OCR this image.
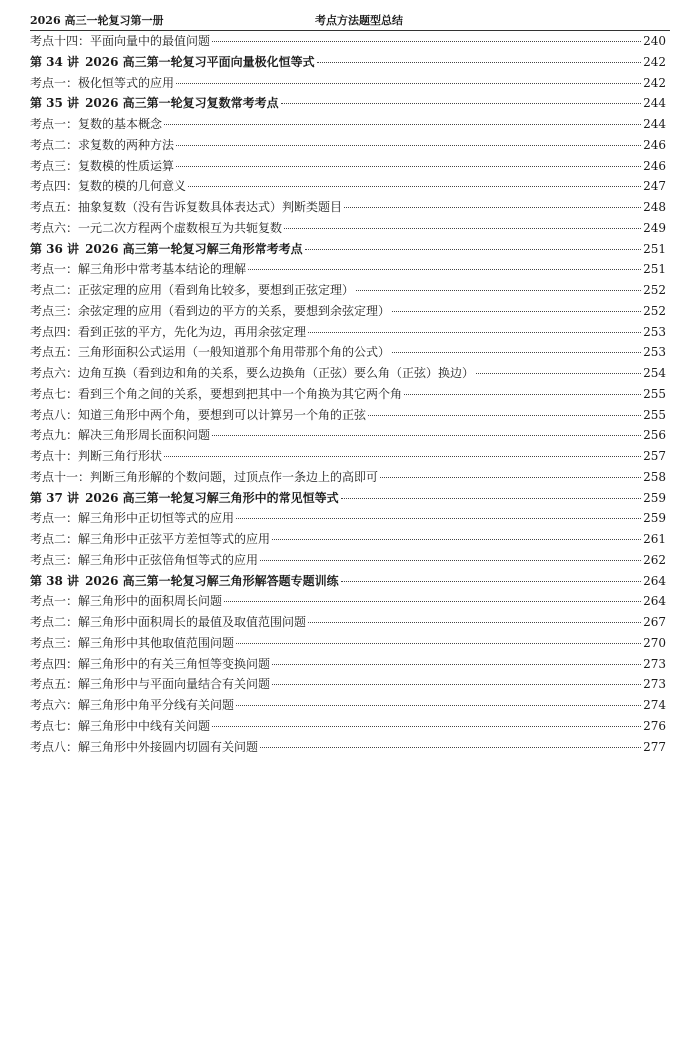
2026 高三一轮复习第一册	考点方法题型总结
考点十四： 平面向量中的最值问题	240
第 34 讲 2026 高三第一轮复习平面向量极化恒等式	242
考点一： 极化恒等式的应用	242
第 35 讲 2026 高三第一轮复习复数常考考点	244
考点一： 复数的基本概念	244
考点二： 求复数的两种方法	246
考点三： 复数模的性质运算	246
考点四： 复数的模的几何意义	247
考点五： 抽象复数（没有告诉复数具体表达式）判断类题目	248
考点六： 一元二次方程两个虚数根互为共轭复数	249
第 36 讲 2026 高三第一轮复习解三角形常考考点	251
考点一： 解三角形中常考基本结论的理解	251
考点二： 正弦定理的应用（看到角比较多，要想到正弦定理）	252
考点三： 余弦定理的应用（看到边的平方的关系，要想到余弦定理）	252
考点四： 看到正弦的平方，先化为边，再用余弦定理	253
考点五： 三角形面积公式运用（一般知道那个角用带那个角的公式）	253
考点六： 边角互换（看到边和角的关系，要么边换角（正弦）要么角（正弦）换边）	254
考点七： 看到三个角之间的关系，要想到把其中一个角换为其它两个角	255
考点八： 知道三角形中两个角，要想到可以计算另一个角的正弦	255
考点九： 解决三角形周长面积问题	256
考点十： 判断三角行形状	257
考点十一： 判断三角形解的个数问题，过顶点作一条边上的高即可	258
第 37 讲 2026 高三第一轮复习解三角形中的常见恒等式	259
考点一： 解三角形中正切恒等式的应用	259
考点二： 解三角形中正弦平方差恒等式的应用	261
考点三： 解三角形中正弦倍角恒等式的应用	262
第 38 讲 2026 高三第一轮复习解三角形解答题专题训练	264
考点一： 解三角形中的面积周长问题	264
考点二： 解三角形中面积周长的最值及取值范围问题	267
考点三： 解三角形中其他取值范围问题	270
考点四： 解三角形中的有关三角恒等变换问题	273
考点五： 解三角形中与平面向量结合有关问题	273
考点六： 解三角形中角平分线有关问题	274
考点七： 解三角形中中线有关问题	276
考点八： 解三角形中外接圆内切圆有关问题	277
